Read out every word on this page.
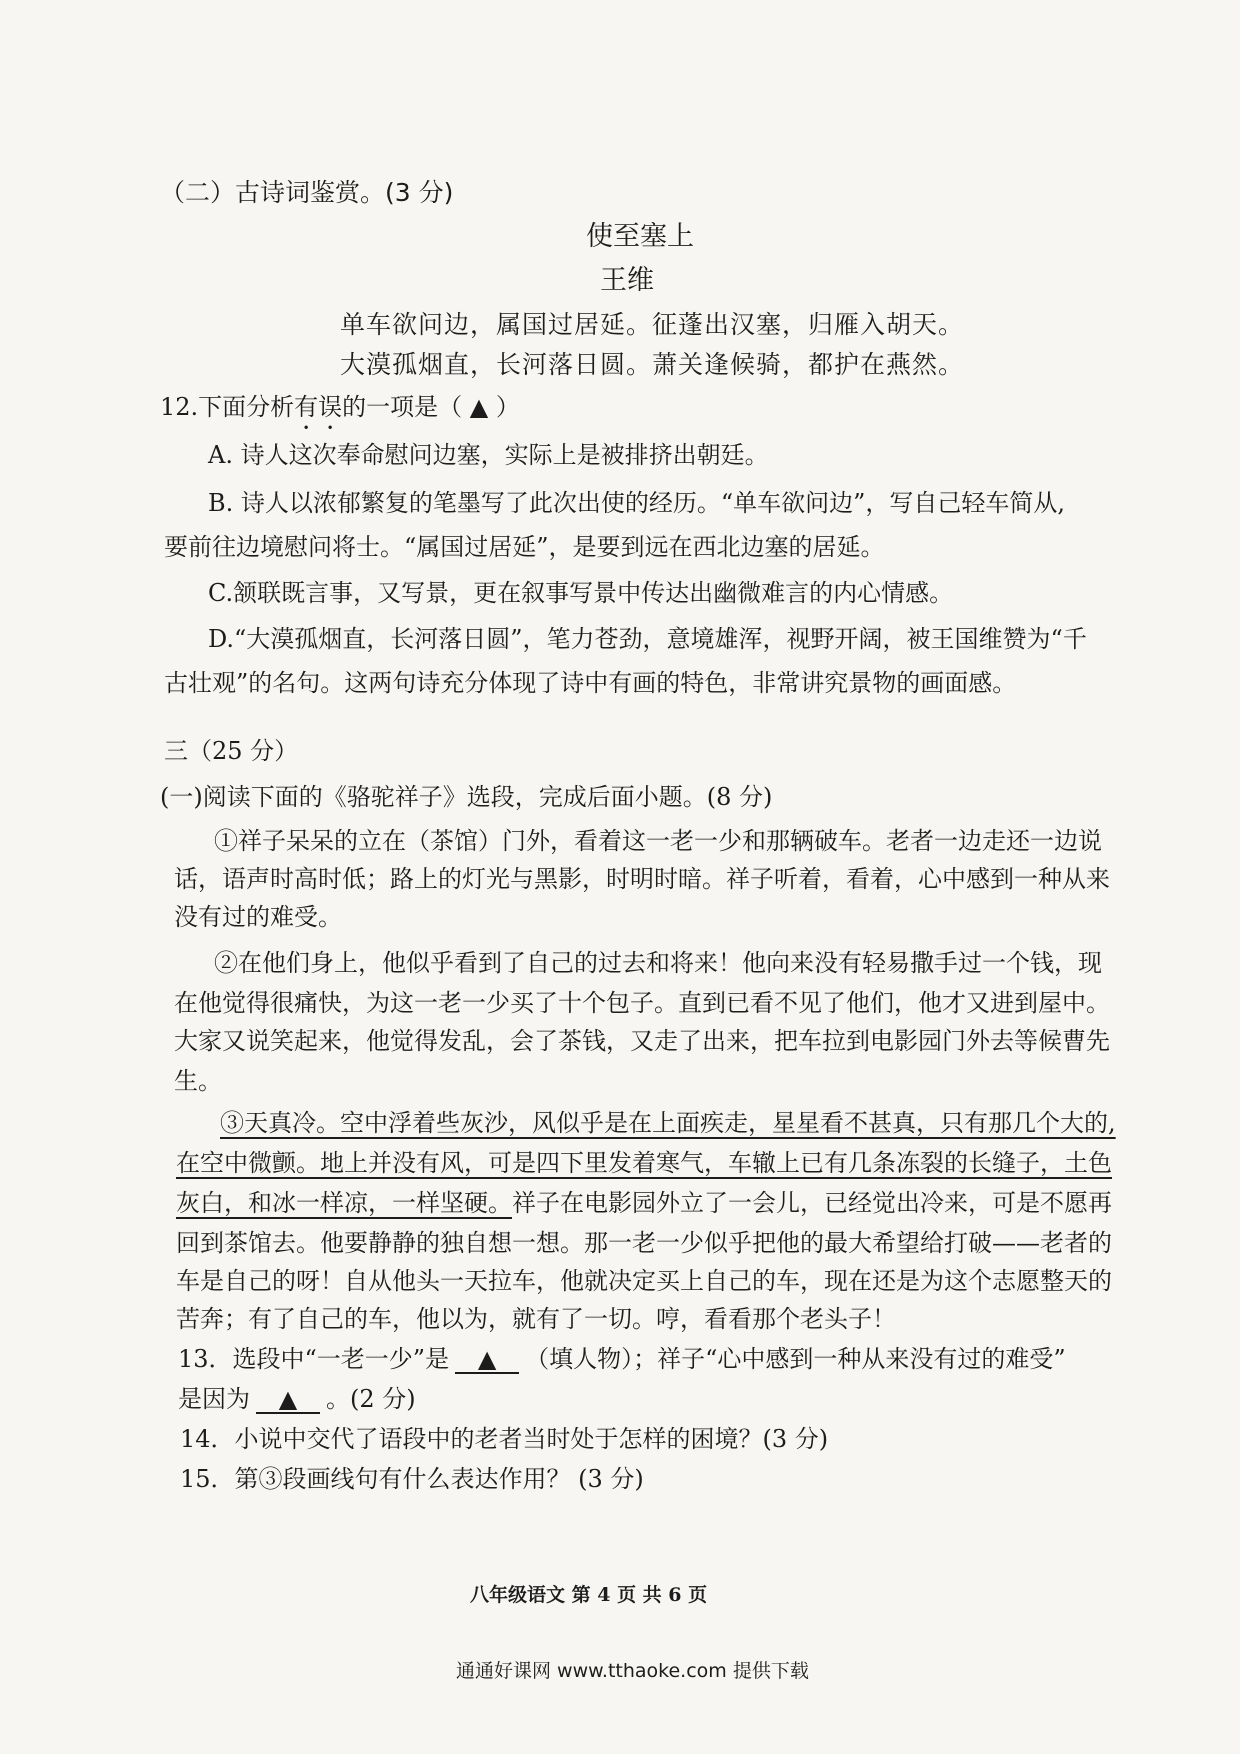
（二）古诗词鉴赏。(3 分)
使至塞上
王维
单车欲问边，属国过居延。征蓬出汉塞，归雁入胡天。
大漠孤烟直，长河落日圆。萧关逢候骑，都护在燕然。
12.下面分析有误的一项是（ ▲ ）
A. 诗人这次奉命慰问边塞，实际上是被排挤出朝廷。
B. 诗人以浓郁繁复的笔墨写了此次出使的经历。“单车欲问边”，写自己轻车简从,
要前往边境慰问将士。“属国过居延”，是要到远在西北边塞的居延。
C.颔联既言事，又写景，更在叙事写景中传达出幽微难言的内心情感。
D.“大漠孤烟直，长河落日圆”，笔力苍劲，意境雄浑，视野开阔，被王国维赞为“千
古壮观”的名句。这两句诗充分体现了诗中有画的特色，非常讲究景物的画面感。
三（25 分）
(一)阅读下面的《骆驼祥子》选段，完成后面小题。(8 分)
①祥子呆呆的立在（茶馆）门外，看着这一老一少和那辆破车。老者一边走还一边说
话，语声时高时低；路上的灯光与黑影，时明时暗。祥子听着，看着，心中感到一种从来
没有过的难受。
②在他们身上，他似乎看到了自己的过去和将来！他向来没有轻易撒手过一个钱，现
在他觉得很痛快，为这一老一少买了十个包子。直到已看不见了他们，他才又进到屋中。
大家又说笑起来，他觉得发乱，会了茶钱，又走了出来，把车拉到电影园门外去等候曹先
生。
③天真冷。空中浮着些灰沙，风似乎是在上面疾走，星星看不甚真，只有那几个大的,
在空中微颤。地上并没有风，可是四下里发着寒气，车辙上已有几条冻裂的长缝子，土色
灰白，和冰一样凉，一样坚硬。祥子在电影园外立了一会儿，已经觉出冷来，可是不愿再
回到茶馆去。他要静静的独自想一想。那一老一少似乎把他的最大希望给打破——老者的
车是自己的呀！自从他头一天拉车，他就决定买上自己的车，现在还是为这个志愿整天的
苦奔；有了自己的车，他以为，就有了一切。哼，看看那个老头子！
13．选段中“一老一少”是 ▲ （填人物）；祥子“心中感到一种从来没有过的难受”
是因为 ▲ 。(2 分)
14．小说中交代了语段中的老者当时处于怎样的困境？(3 分)
15．第③段画线句有什么表达作用？ (3 分)
八年级语文 第 4 页 共 6 页
通通好课网 www.tthaoke.com 提供下载
